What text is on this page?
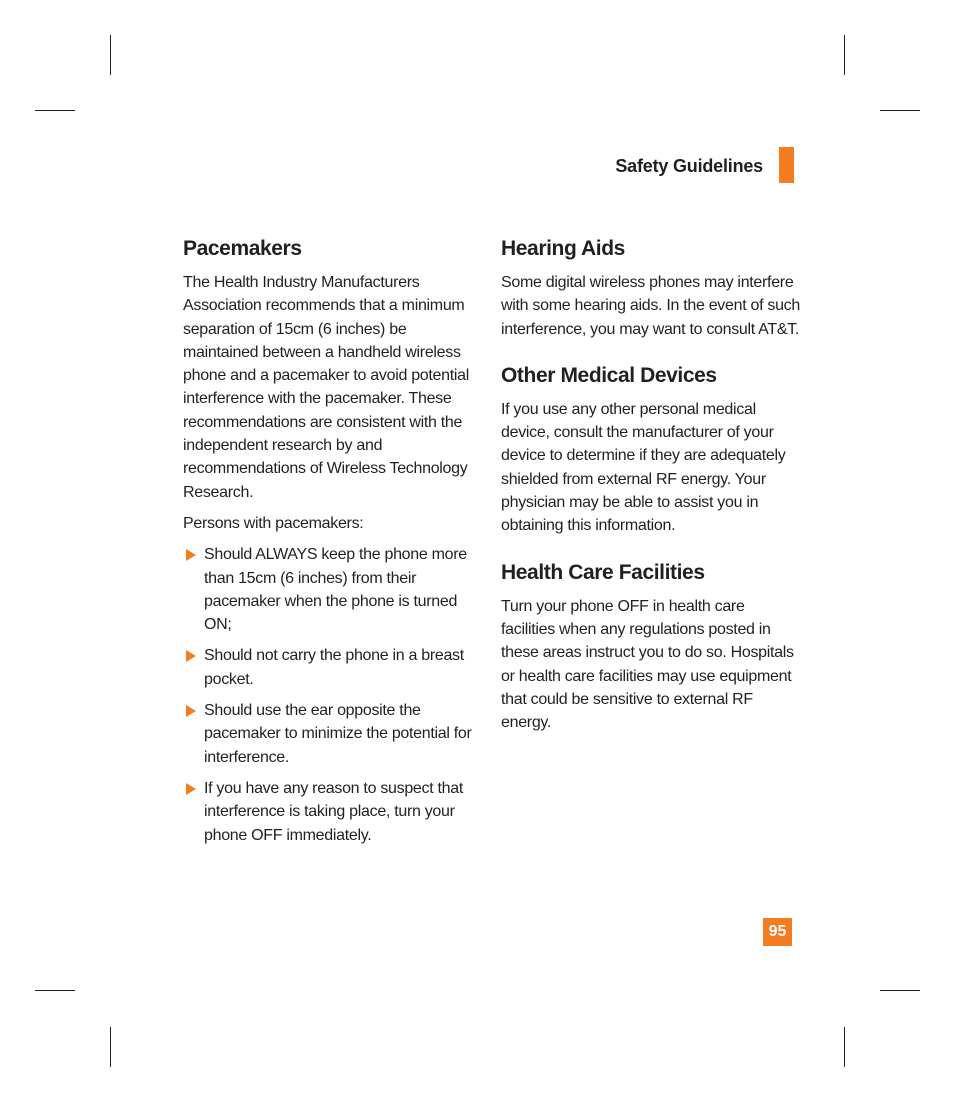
Safety Guidelines
Pacemakers

The Health Industry Manufacturers Association recommends that a minimum separation of 15cm (6 inches) be maintained between a handheld wireless phone and a pacemaker to avoid potential interference with the pacemaker. These recommendations are consistent with the independent research by and recommendations of Wireless Technology Research.

Persons with pacemakers:

Should ALWAYS keep the phone more than 15cm (6 inches) from their pacemaker when the phone is turned ON;
Should not carry the phone in a breast pocket.
Should use the ear opposite the pacemaker to minimize the potential for interference.
If you have any reason to suspect that interference is taking place, turn your phone OFF immediately.
Hearing Aids

Some digital wireless phones may interfere with some hearing aids. In the event of such interference, you may want to consult AT&T.

Other Medical Devices

If you use any other personal medical device, consult the manufacturer of your device to determine if they are adequately shielded from external RF energy. Your physician may be able to assist you in obtaining this information.

Health Care Facilities

Turn your phone OFF in health care facilities when any regulations posted in these areas instruct you to do so. Hospitals or health care facilities may use equipment that could be sensitive to external RF energy.

95
